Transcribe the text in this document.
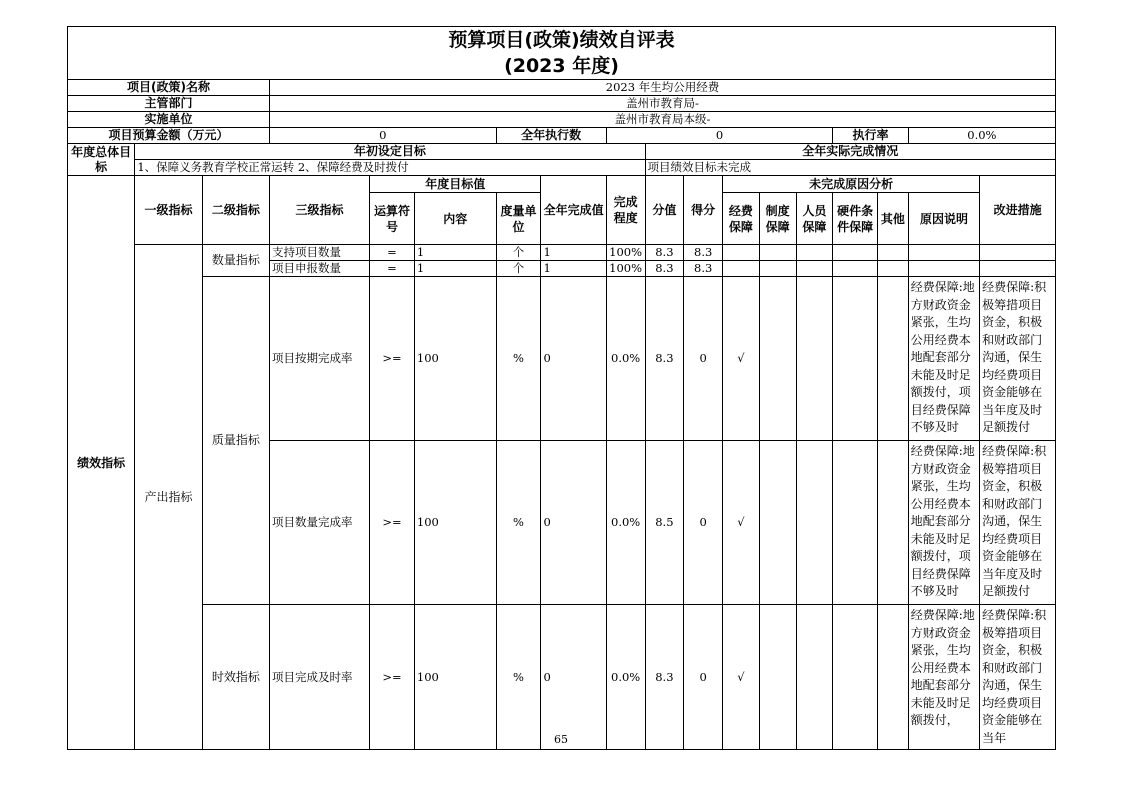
预算项目(政策)绩效自评表
(2023 年度)																	

项目(政策)名称			2023 年生均公用经费														
主管部门			盖州市教育局-														
实施单位			盖州市教育局本级-														
项目预算金额（万元）			0			全年执行数		0						执行率		0.0%	
年度总体目标	年初设定目标								全年实际完成情况								
	1、保障义务教育学校正常运转 2、保障经费及时拨付								项目绩效目标未完成								
绩效指标	一级指标	二级指标	三级指标	年度目标值			全年完成值	完成程度	分值	得分	未完成原因分析						改进措施
				运算符号	内容	度量单位					经费保障	制度保障	人员保障	硬件条件保障	其他	原因说明	
	产出指标	数量指标	支持项目数量	=	1	个	1	100%	8.3	8.3							
			项目申报数量	=	1	个	1	100%	8.3	8.3							
		质量指标	项目按期完成率	>=	100	%	0	0.0%	8.3	0	√					经费保障:地方财政资金紧张，生均公用经费本地配套部分未能及时足额拨付，项目经费保障不够及时	经费保障:积极筹措项目资金，积极和财政部门沟通，保生均经费项目资金能够在当年度及时足额拨付
			项目数量完成率	>=	100	%	0	0.0%	8.5	0	√					经费保障:地方财政资金紧张，生均公用经费本地配套部分未能及时足额拨付，项目经费保障不够及时	经费保障:积极筹措项目资金，积极和财政部门沟通，保生均经费项目资金能够在当年度及时足额拨付
		时效指标	项目完成及时率	>=	100	%	0	0.0%	8.3	0	√					经费保障:地方财政资金紧张，生均公用经费本地配套部分未能及时足额拨付，	经费保障:积极筹措项目资金，积极和财政部门沟通，保生均经费项目资金能够在当年
65
